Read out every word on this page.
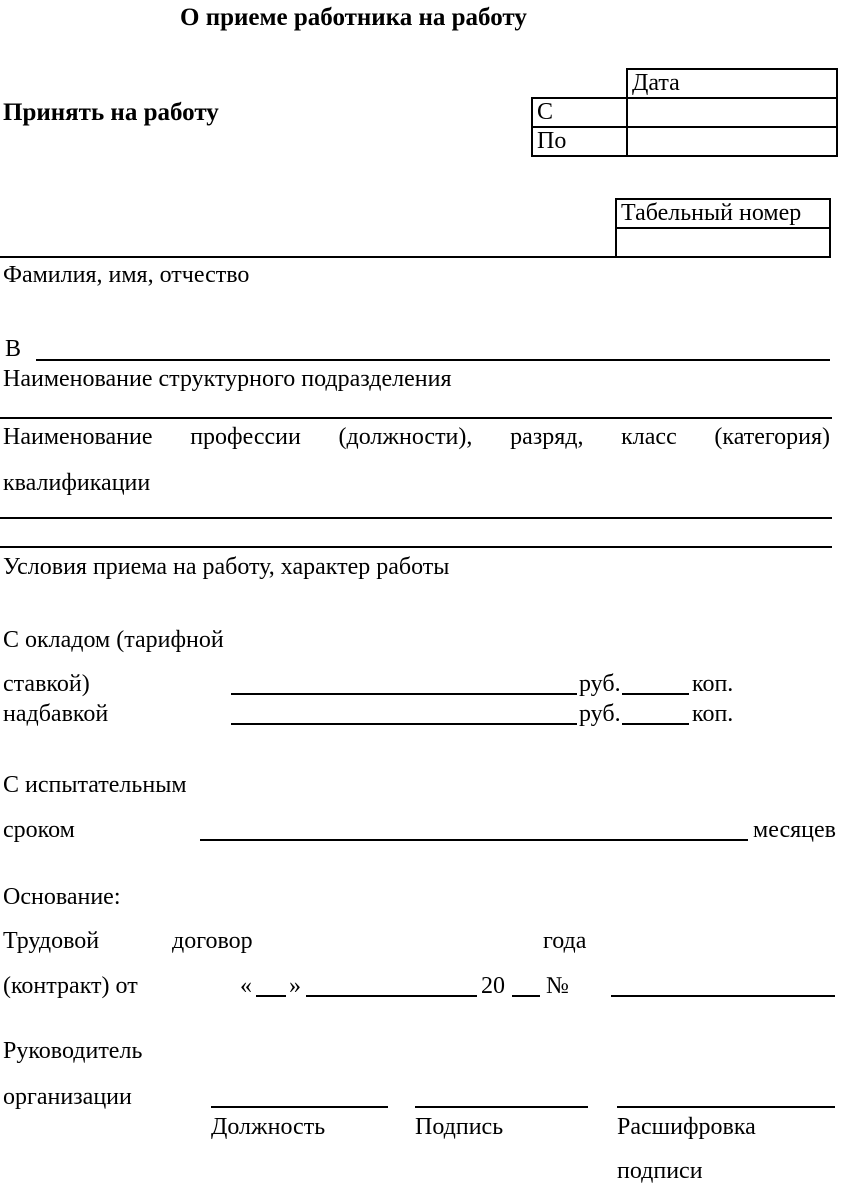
О приеме работника на работу
	Дата
С	
По	
Принять на работу
Табельный номер

Фамилия, имя, отчество
В
Наименование структурного подразделения
Наименование профессии (должности), разряд, класс (категория)
квалификации
Условия приема на работу, характер работы
С окладом (тарифной
ставкой)	руб.	коп.
надбавкой	руб.	коп.
С испытательным
сроком	месяцев
Основание:
Трудовой	договор	года
(контракт) от	« »	20 №
Руководитель
организации
Должность	Подпись	Расшифровка
подписи
